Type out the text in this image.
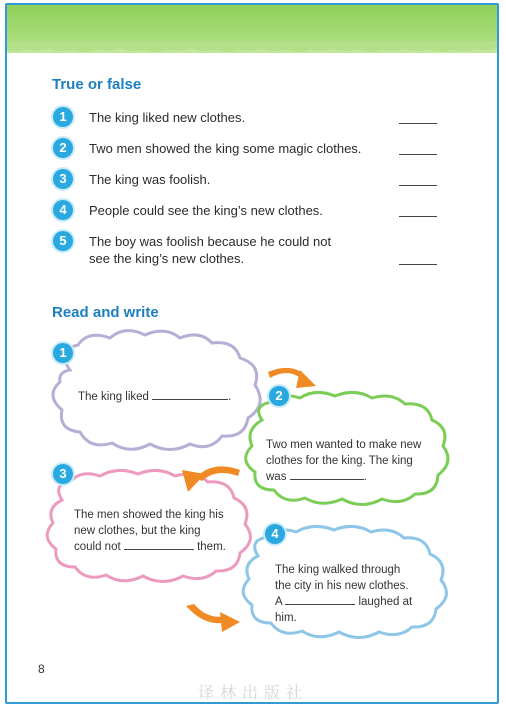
True or false
1	The king liked new clothes.
2	Two men showed the king some magic clothes.
3	The king was foolish.
4	People could see the king’s new clothes.
5	The boy was foolish because he could not
see the king’s new clothes.
Read and write
1
The king liked	.	2
Two men wanted to make new
clothes for the king. The king
was	.
3
The men showed the king his
new clothes, but the king
could not	them.
4
The king walked through
the city in his new clothes.
A	laughed at
him.
8
译林出版社
